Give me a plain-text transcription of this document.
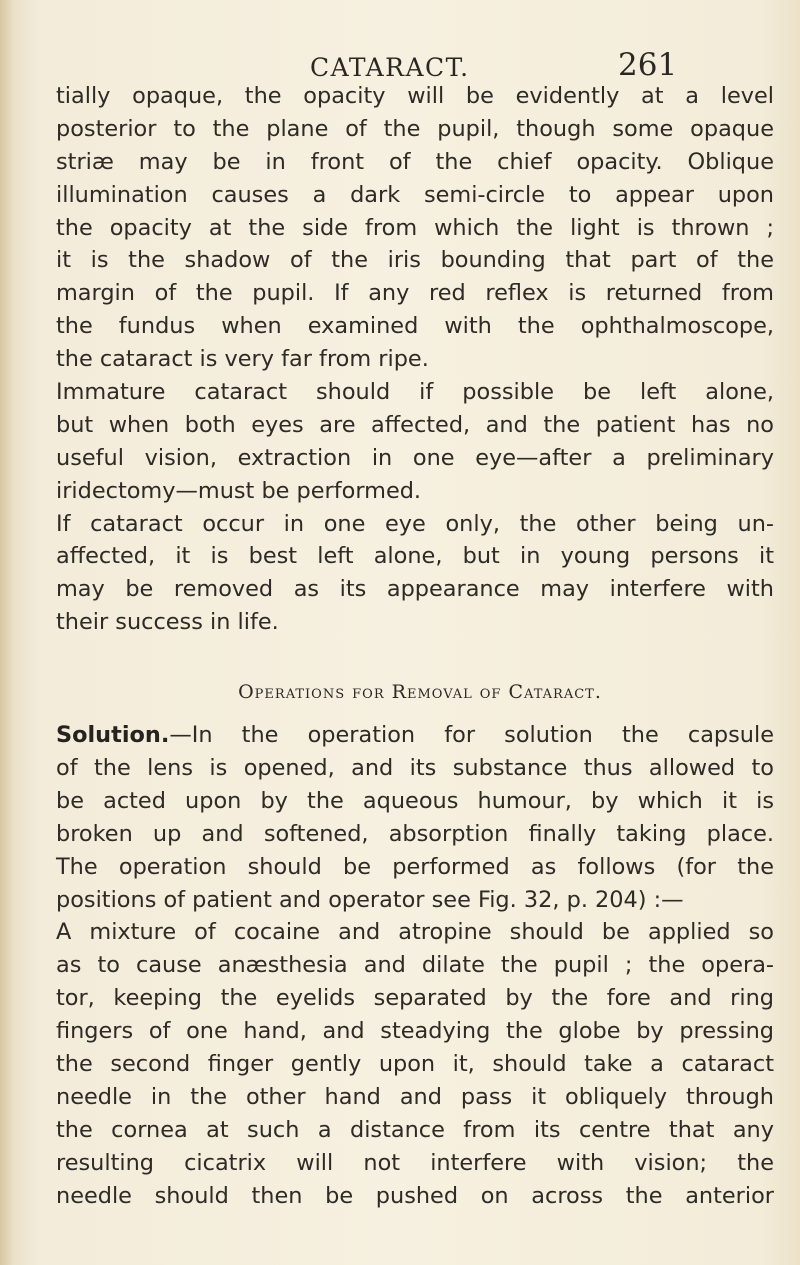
CATARACT.	261
tially opaque, the opacity will be evidently at a level
posterior to the plane of the pupil, though some opaque
striæ may be in front of the chief opacity. Oblique
illumination causes a dark semi-circle to appear upon
the opacity at the side from which the light is thrown ;
it is the shadow of the iris bounding that part of the
margin of the pupil. If any red reflex is returned from
the fundus when examined with the ophthalmoscope,
the cataract is very far from ripe.
Immature cataract should if possible be left alone,
but when both eyes are affected, and the patient has no
useful vision, extraction in one eye—after a preliminary
iridectomy—must be performed.
If cataract occur in one eye only, the other being un-
affected, it is best left alone, but in young persons it
may be removed as its appearance may interfere with
their success in life.
Operations for Removal of Cataract.
Solution.—In the operation for solution the capsule
of the lens is opened, and its substance thus allowed to
be acted upon by the aqueous humour, by which it is
broken up and softened, absorption finally taking place.
The operation should be performed as follows (for the
positions of patient and operator see Fig. 32, p. 204) :—
A mixture of cocaine and atropine should be applied so
as to cause anæsthesia and dilate the pupil ; the opera-
tor, keeping the eyelids separated by the fore and ring
fingers of one hand, and steadying the globe by pressing
the second finger gently upon it, should take a cataract
needle in the other hand and pass it obliquely through
the cornea at such a distance from its centre that any
resulting cicatrix will not interfere with vision; the
needle should then be pushed on across the anterior
